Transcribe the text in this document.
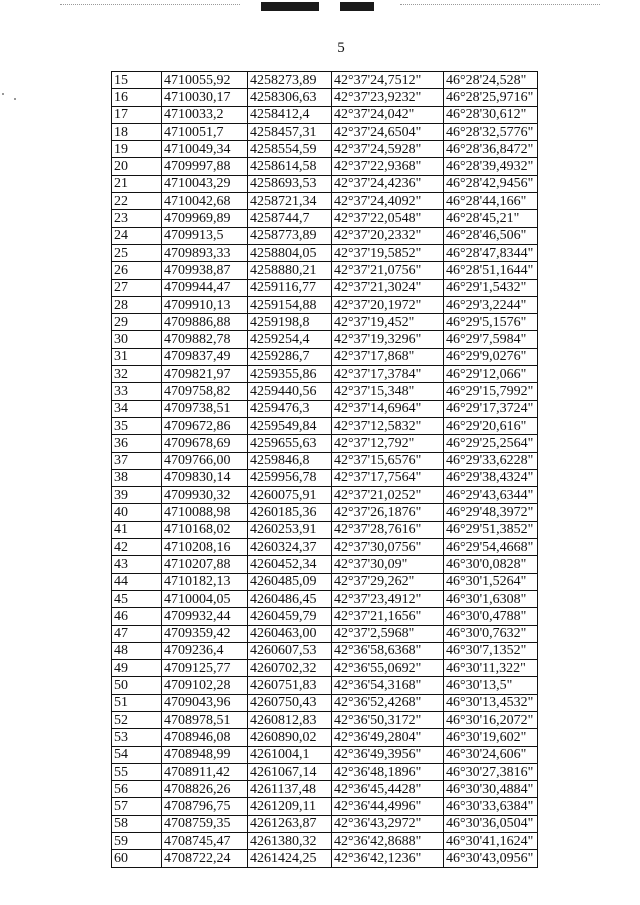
5
15	4710055,92	4258273,89	42°37'24,7512"	46°28'24,528"
16	4710030,17	4258306,63	42°37'23,9232"	46°28'25,9716"
17	4710033,2	4258412,4	42°37'24,042"	46°28'30,612"
18	4710051,7	4258457,31	42°37'24,6504"	46°28'32,5776"
19	4710049,34	4258554,59	42°37'24,5928"	46°28'36,8472"
20	4709997,88	4258614,58	42°37'22,9368"	46°28'39,4932"
21	4710043,29	4258693,53	42°37'24,4236"	46°28'42,9456"
22	4710042,68	4258721,34	42°37'24,4092"	46°28'44,166"
23	4709969,89	4258744,7	42°37'22,0548"	46°28'45,21"
24	4709913,5	4258773,89	42°37'20,2332"	46°28'46,506"
25	4709893,33	4258804,05	42°37'19,5852"	46°28'47,8344"
26	4709938,87	4258880,21	42°37'21,0756"	46°28'51,1644"
27	4709944,47	4259116,77	42°37'21,3024"	46°29'1,5432"
28	4709910,13	4259154,88	42°37'20,1972"	46°29'3,2244"
29	4709886,88	4259198,8	42°37'19,452"	46°29'5,1576"
30	4709882,78	4259254,4	42°37'19,3296"	46°29'7,5984"
31	4709837,49	4259286,7	42°37'17,868"	46°29'9,0276"
32	4709821,97	4259355,86	42°37'17,3784"	46°29'12,066"
33	4709758,82	4259440,56	42°37'15,348"	46°29'15,7992"
34	4709738,51	4259476,3	42°37'14,6964"	46°29'17,3724"
35	4709672,86	4259549,84	42°37'12,5832"	46°29'20,616"
36	4709678,69	4259655,63	42°37'12,792"	46°29'25,2564"
37	4709766,00	4259846,8	42°37'15,6576"	46°29'33,6228"
38	4709830,14	4259956,78	42°37'17,7564"	46°29'38,4324"
39	4709930,32	4260075,91	42°37'21,0252"	46°29'43,6344"
40	4710088,98	4260185,36	42°37'26,1876"	46°29'48,3972"
41	4710168,02	4260253,91	42°37'28,7616"	46°29'51,3852"
42	4710208,16	4260324,37	42°37'30,0756"	46°29'54,4668"
43	4710207,88	4260452,34	42°37'30,09"	46°30'0,0828"
44	4710182,13	4260485,09	42°37'29,262"	46°30'1,5264"
45	4710004,05	4260486,45	42°37'23,4912"	46°30'1,6308"
46	4709932,44	4260459,79	42°37'21,1656"	46°30'0,4788"
47	4709359,42	4260463,00	42°37'2,5968"	46°30'0,7632"
48	4709236,4	4260607,53	42°36'58,6368"	46°30'7,1352"
49	4709125,77	4260702,32	42°36'55,0692"	46°30'11,322"
50	4709102,28	4260751,83	42°36'54,3168"	46°30'13,5"
51	4709043,96	4260750,43	42°36'52,4268"	46°30'13,4532"
52	4708978,51	4260812,83	42°36'50,3172"	46°30'16,2072"
53	4708946,08	4260890,02	42°36'49,2804"	46°30'19,602"
54	4708948,99	4261004,1	42°36'49,3956"	46°30'24,606"
55	4708911,42	4261067,14	42°36'48,1896"	46°30'27,3816"
56	4708826,26	4261137,48	42°36'45,4428"	46°30'30,4884"
57	4708796,75	4261209,11	42°36'44,4996"	46°30'33,6384"
58	4708759,35	4261263,87	42°36'43,2972"	46°30'36,0504"
59	4708745,47	4261380,32	42°36'42,8688"	46°30'41,1624"
60	4708722,24	4261424,25	42°36'42,1236"	46°30'43,0956"
